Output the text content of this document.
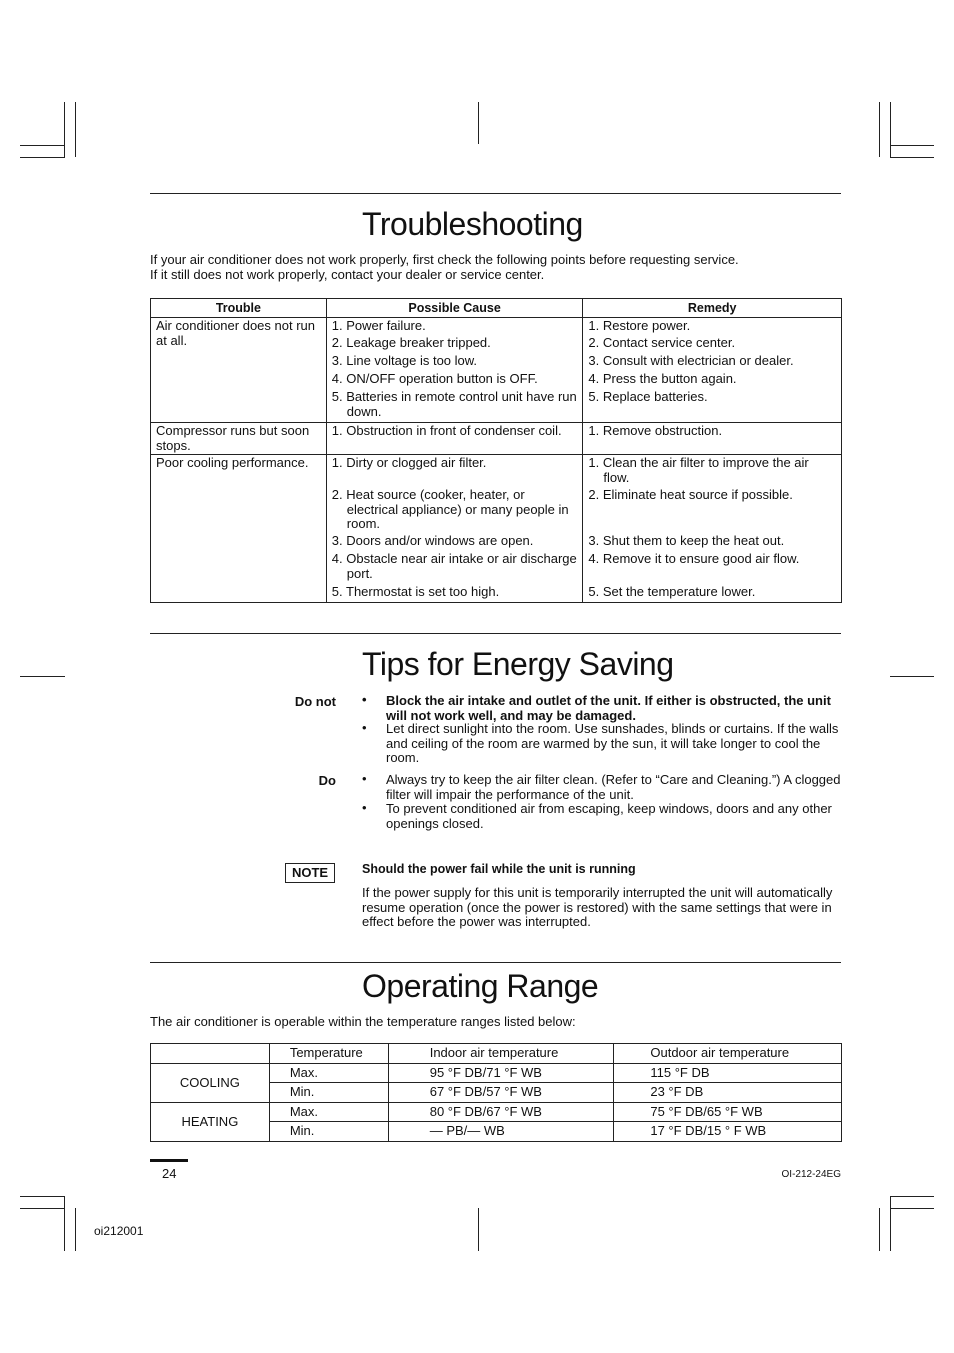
Troubleshooting
If your air conditioner does not work properly, first check the following points before requesting service.
If it still does not work properly, contact your dealer or service center.
Trouble	Possible Cause	Remedy
Air conditioner does not run at all.	1. Power failure.	1. Restore power.

	2. Leakage breaker tripped.	2. Contact service center.

	3. Line voltage is too low.	3. Consult with electrician or dealer.

	4. ON/OFF operation button is OFF.	4. Press the button again.

	5. Batteries in remote control unit have run down.	5. Replace batteries.

Compressor runs but soon stops.	1. Obstruction in front of condenser coil.	1. Remove obstruction.

Poor cooling performance.	1. Dirty or clogged air filter.	1. Clean the air filter to improve the air flow.

	2. Heat source (cooker, heater, or electrical appliance) or many people in room.	2. Eliminate heat source if possible.

	3. Doors and/or windows are open.	3. Shut them to keep the heat out.

	4. Obstacle near air intake or air discharge port.	4. Remove it to ensure good air flow.

	5. Thermostat is set too high.	5. Set the temperature lower.
Tips for Energy Saving
Do not • Block the air intake and outlet of the unit. If either is obstructed, the unit will not work well, and may be damaged.
• Let direct sunlight into the room. Use sunshades, blinds or curtains. If the walls and ceiling of the room are warmed by the sun, it will take longer to cool the room.
Do • Always try to keep the air filter clean. (Refer to “Care and Cleaning.”) A clogged filter will impair the performance of the unit.
• To prevent conditioned air from escaping, keep windows, doors and any other openings closed.
NOTE	Should the power fail while the unit is running
If the power supply for this unit is temporarily interrupted the unit will automatically resume operation (once the power is restored) with the same settings that were in effect before the power was interrupted.
Operating Range
The air conditioner is operable within the temperature ranges listed below:
	Temperature	Indoor air temperature	Outdoor air temperature
COOLING	Max.	95 °F DB/71 °F WB	115 °F DB
	Min.	67 °F DB/57 °F WB	23 °F DB
HEATING	Max.	80 °F DB/67 °F WB	75 °F DB/65 °F WB
	Min.	— PB/— WB	17 °F DB/15 ° F WB
24	OI-212-24EG
oi212001
